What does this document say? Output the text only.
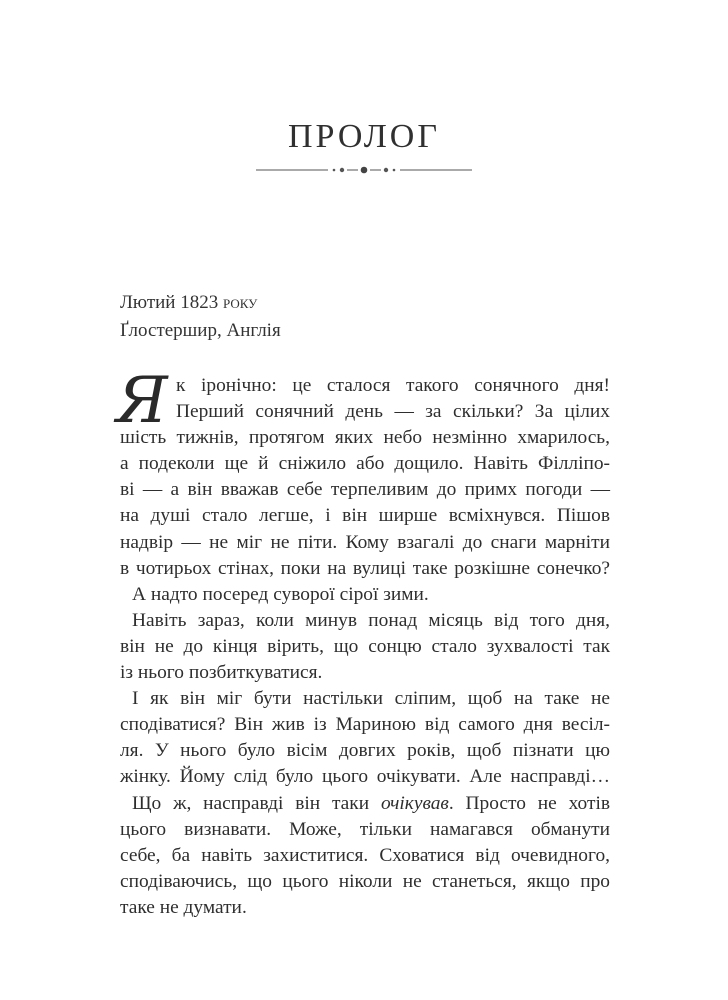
ПРОЛОГ
Лютий 1823 року
Ґлостершир, Англія
Я к іронічно: це сталося такого сонячного дня!
Перший сонячний день — за скільки? За цілих
шість тижнів, протягом яких небо незмінно хмарилось,
а подеколи ще й сніжило або дощило. Навіть Філліпо-
ві — а він вважав себе терпеливим до примх погоди —
на душі стало легше, і він ширше всміхнувся. Пішов
надвір — не міг не піти. Кому взагалі до снаги марніти
в чотирьох стінах, поки на вулиці таке розкішне сонечко?
А надто посеред суворої сірої зими.
Навіть зараз, коли минув понад місяць від того дня,
він не до кінця вірить, що сонцю стало зухвалості так
із нього позбиткуватися.
І як він міг бути настільки сліпим, щоб на таке не
сподіватися? Він жив із Мариною від самого дня весіл-
ля. У нього було вісім довгих років, щоб пізнати цю
жінку. Йому слід було цього очікувати. Але насправді…
Що ж, насправді він таки очікував. Просто не хотів
цього визнавати. Може, тільки намагався обманути
себе, ба навіть захиститися. Сховатися від очевидного,
сподіваючись, що цього ніколи не станеться, якщо про
таке не думати.
